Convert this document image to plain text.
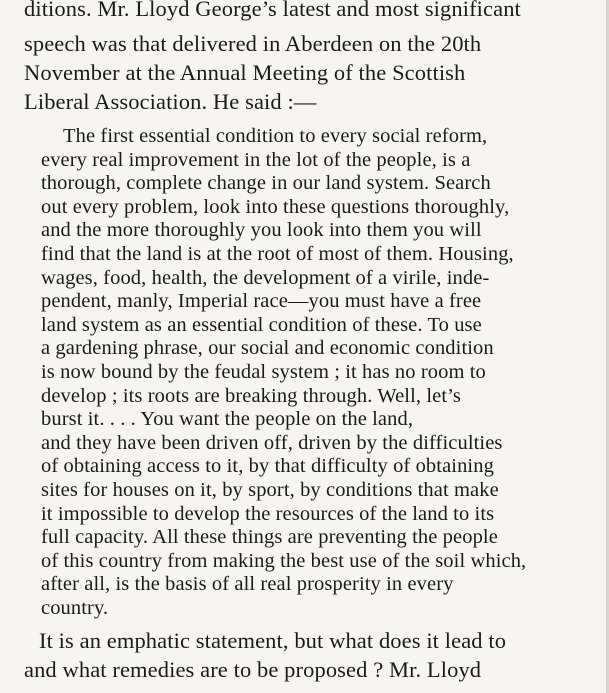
ditions. Mr. Lloyd George’s latest and most significant
speech was that delivered in Aberdeen on the 20th
November at the Annual Meeting of the Scottish
Liberal Association. He said :—
The first essential condition to every social reform,
every real improvement in the lot of the people, is a
thorough, complete change in our land system. Search
out every problem, look into these questions thoroughly,
and the more thoroughly you look into them you will
find that the land is at the root of most of them. Housing,
wages, food, health, the development of a virile, inde-
pendent, manly, Imperial race—you must have a free
land system as an essential condition of these. To use
a gardening phrase, our social and economic condition
is now bound by the feudal system ; it has no room to
develop ; its roots are breaking through. Well, let’s
burst it. . . . You want the people on the land,
and they have been driven off, driven by the difficulties
of obtaining access to it, by that difficulty of obtaining
sites for houses on it, by sport, by conditions that make
it impossible to develop the resources of the land to its
full capacity. All these things are preventing the people
of this country from making the best use of the soil which,
after all, is the basis of all real prosperity in every
country.
It is an emphatic statement, but what does it lead to
and what remedies are to be proposed ? Mr. Lloyd
